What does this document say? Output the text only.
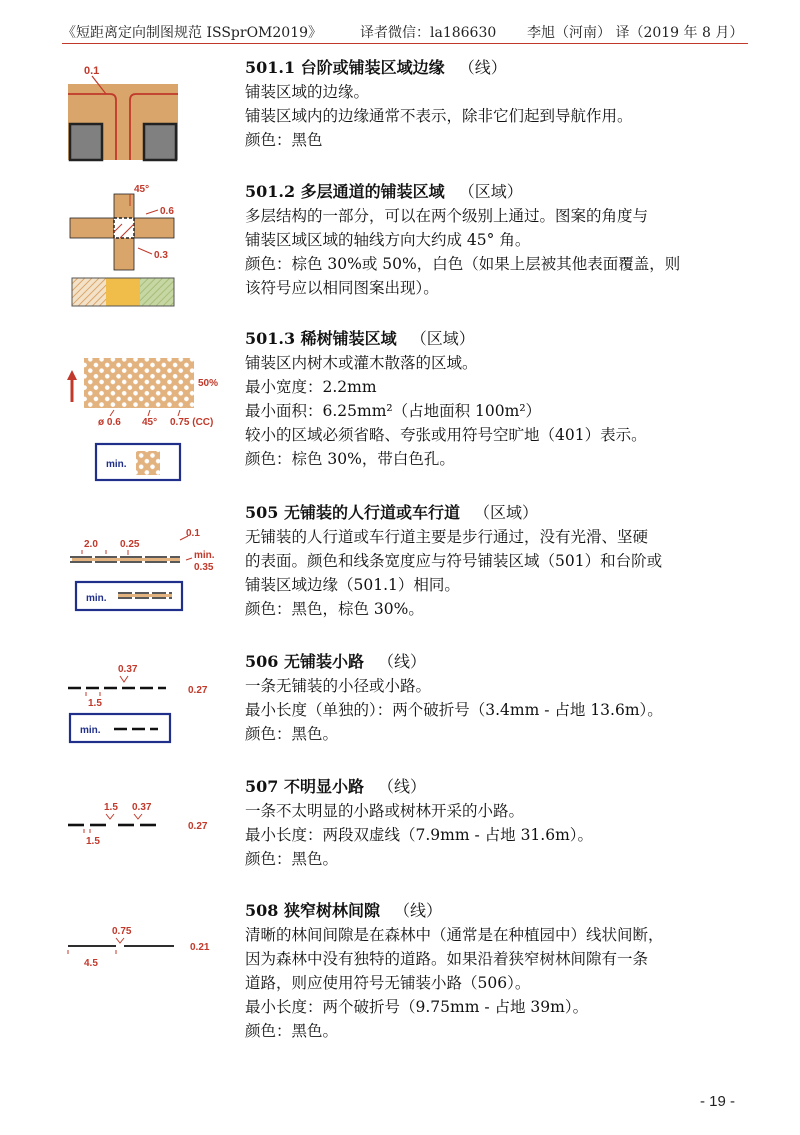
《短距离定向制图规范 ISSprOM2019》	译者微信：la186630 李旭（河南） 译（2019 年 8 月）
0.1	501.1 台阶或铺装区域边缘 （线）
铺装区域的边缘。
铺装区域内的边缘通常不表示，除非它们起到导航作用。
颜色：黑色
45°
0.6
0.3
501.2 多层通道的铺装区域 （区域）
多层结构的一部分，可以在两个级别上通过。图案的角度与
铺装区域区域的轴线方向大约成 45° 角。
颜色：棕色 30%或 50%，白色（如果上层被其他表面覆盖，则
该符号应以相同图案出现）。
50%
ø 0.6 45° 0.75 (CC)
min.
501.3 稀树铺装区域 （区域）
铺装区内树木或灌木散落的区域。
最小宽度：2.2mm
最小面积：6.25mm²（占地面积 100m²）
较小的区域必须省略、夸张或用符号空旷地（401）表示。
颜色：棕色 30%，带白色孔。
2.0 0.25
0.1
min.
0.35
min.
505 无铺装的人行道或车行道 （区域）
无铺装的人行道或车行道主要是步行通过，没有光滑、坚硬
的表面。颜色和线条宽度应与符号铺装区域（501）和台阶或
铺装区域边缘（501.1）相同。
颜色：黑色，棕色 30%。
0.37
1.5
0.27
min.
506 无铺装小路 （线）
一条无铺装的小径或小路。
最小长度（单独的）：两个破折号（3.4mm - 占地 13.6m）。
颜色：黑色。
1.5 0.37
1.5
0.27
507 不明显小路 （线）
一条不太明显的小路或树林开采的小路。
最小长度：两段双虚线（7.9mm - 占地 31.6m）。
颜色：黑色。
0.75
4.5
0.21
508 狭窄树林间隙 （线）
清晰的林间间隙是在森林中（通常是在种植园中）线状间断，
因为森林中没有独特的道路。如果沿着狭窄树林间隙有一条
道路，则应使用符号无铺装小路（506）。
最小长度：两个破折号（9.75mm - 占地 39m）。
颜色：黑色。
- 19 -
